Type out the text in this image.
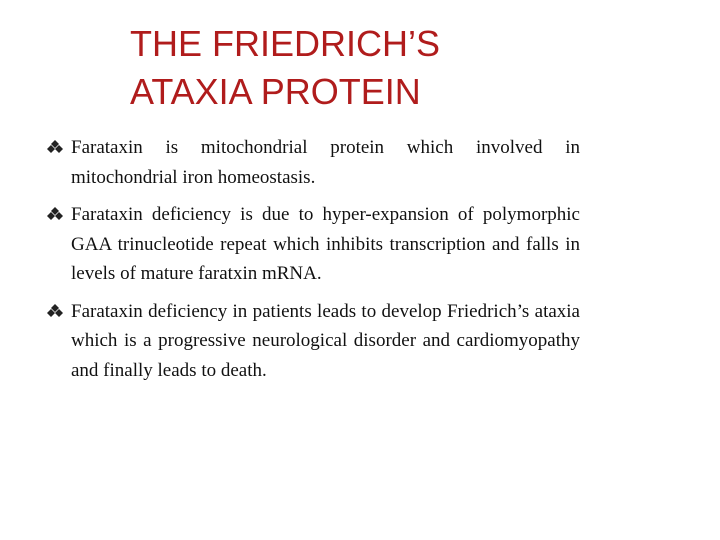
THE FRIEDRICH’S
ATAXIA PROTEIN
Farataxin is mitochondrial protein which involved in mitochondrial iron homeostasis.
Farataxin deficiency is due to hyper-expansion of polymorphic GAA trinucleotide repeat which inhibits transcription and falls in levels of mature faratxin mRNA.
Farataxin deficiency in patients leads to develop Friedrich’s ataxia which is a progressive neurological disorder and cardiomyopathy and finally leads to death.
